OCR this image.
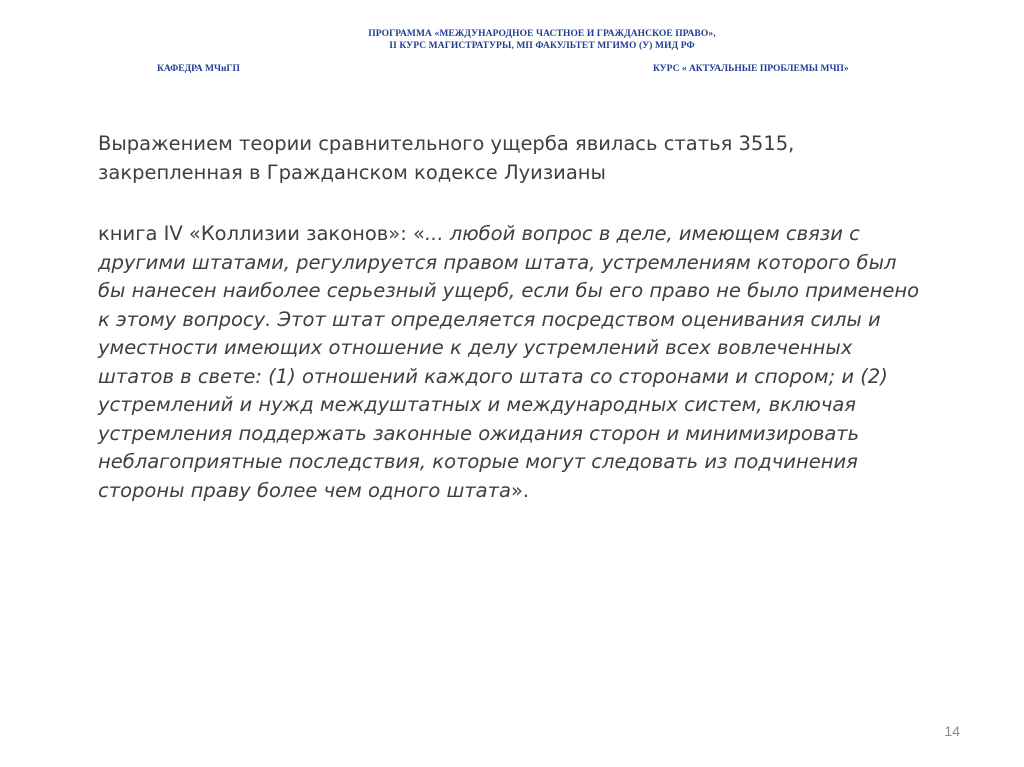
ПРОГРАММА «МЕЖДУНАРОДНОЕ ЧАСТНОЕ И ГРАЖДАНСКОЕ ПРАВО»,
II КУРС МАГИСТРАТУРЫ, МП ФАКУЛЬТЕТ МГИМО (У) МИД РФ
КАФЕДРА МЧиГП	КУРС « АКТУАЛЬНЫЕ ПРОБЛЕМЫ МЧП»

Выражением теории сравнительного ущерба явилась статья 3515, закрепленная в Гражданском кодексе Луизианы

книга IV «Коллизии законов»: «... любой вопрос в деле, имеющем связи с другими штатами, регулируется правом штата, устремлениям которого был бы нанесен наиболее серьезный ущерб, если бы его право не было применено к этому вопросу. Этот штат определяется посредством оценивания силы и уместности имеющих отношение к делу устремлений всех вовлеченных штатов в свете: (1) отношений каждого штата со сторонами и спором; и (2) устремлений и нужд междуштатных и международных систем, включая устремления поддержать законные ожидания сторон и минимизировать неблагоприятные последствия, которые могут следовать из подчинения стороны праву более чем одного штата».

14
